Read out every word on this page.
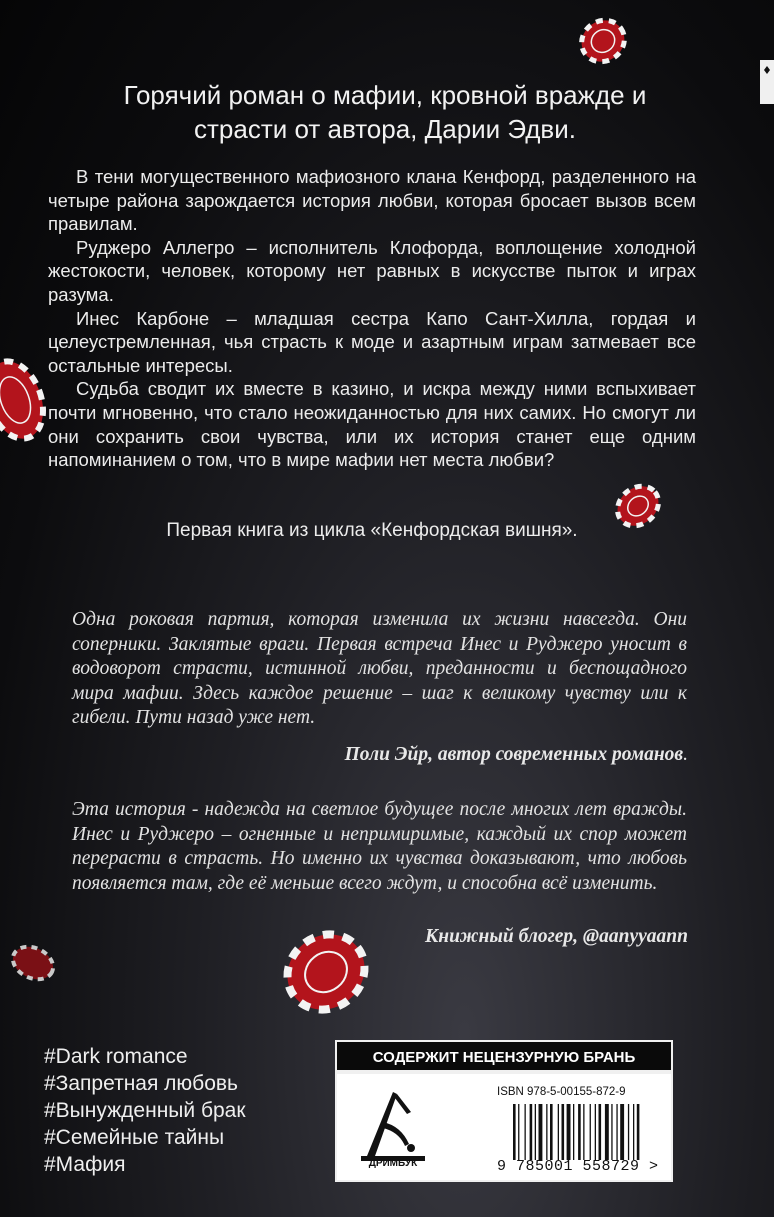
Горячий роман о мафии, кровной вражде и
страсти от автора, Дарии Эдви.

В тени могущественного мафиозного клана Кенфорд, разделенного на четыре района зарождается история любви, которая бросает вызов всем правилам.

Руджеро Аллегро – исполнитель Клофорда, воплощение холодной жестокости, человек, которому нет равных в искусстве пыток и играх разума.

Инес Карбоне – младшая сестра Капо Сант-Хилла, гордая и целеустремленная, чья страсть к моде и азартным играм затмевает все остальные интересы.

Судьба сводит их вместе в казино, и искра между ними вспыхивает почти мгновенно, что стало неожиданностью для них самих. Но смогут ли они сохранить свои чувства, или их история станет еще одним напоминанием о том, что в мире мафии нет места любви?

Первая книга из цикла «Кенфордская вишня».
Одна роковая партия, которая изменила их жизни навсегда. Они соперники. Заклятые враги. Первая встреча Инес и Руджеро уносит в водоворот страсти, истинной любви, преданности и беспощадного мира мафии. Здесь каждое решение – шаг к великому чувству или к гибели. Пути назад уже нет.
Поли Эйр, автор современных романов.
Эта история - надежда на светлое будущее после многих лет вражды. Инес и Руджеро – огненные и непримиримые, каждый их спор может перерасти в страсть. Но именно их чувства доказывают, что любовь появляется там, где её меньше всего ждут, и способна всё изменить.
Книжный блогер, @aanyyaann
#Dark romance
#Запретная любовь
#Вынужденный брак
#Семейные тайны
#Мафия
СОДЕРЖИТ НЕЦЕНЗУРНУЮ БРАНЬ
ДРИМБУК
ISBN 978-5-00155-872-9
9 785001 558729 >
